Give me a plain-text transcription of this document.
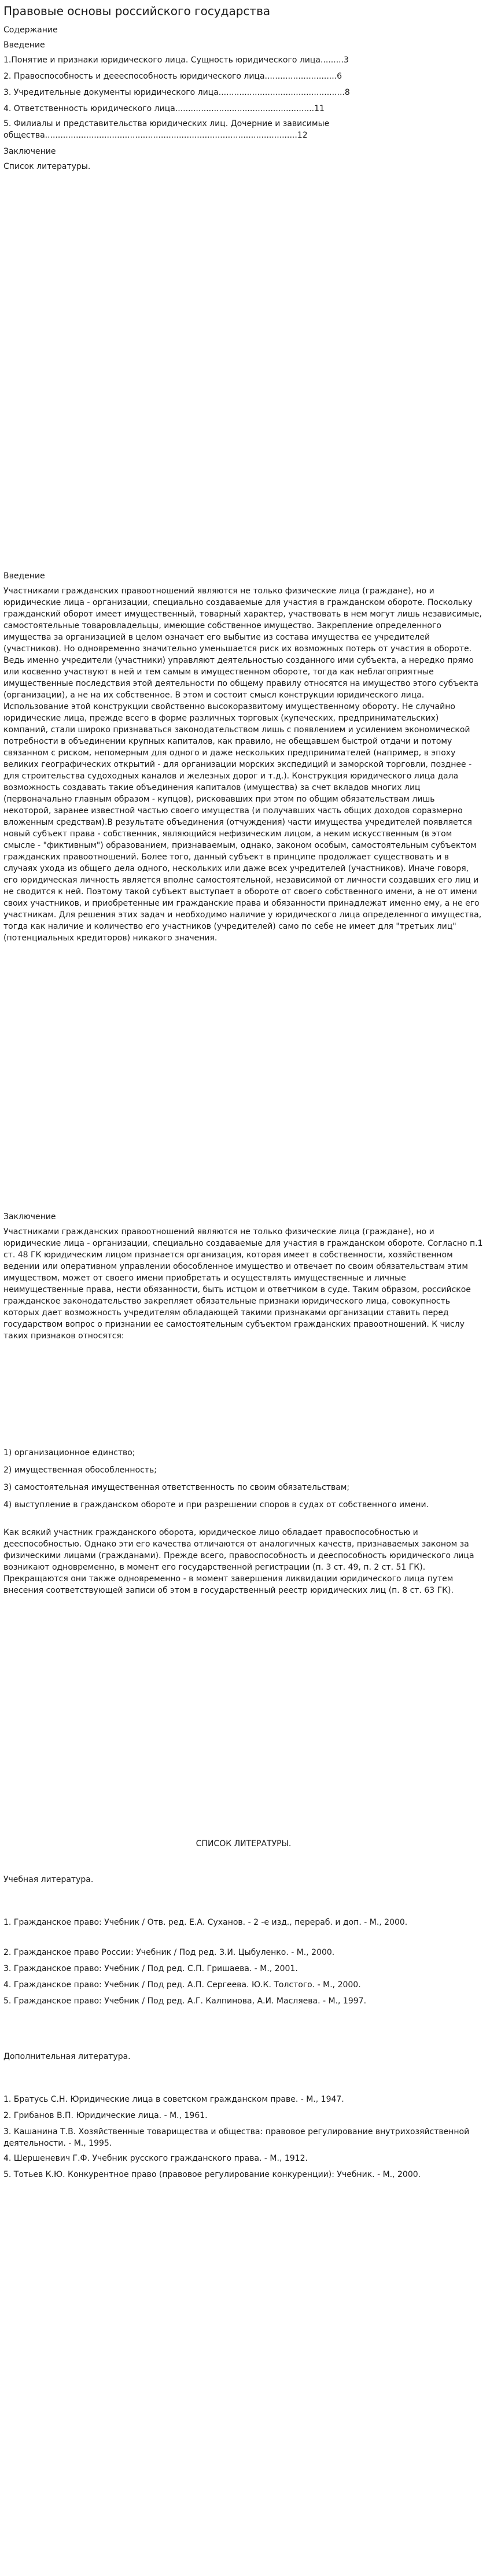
Правовые основы российского государства

Содержание

Введение

1.Понятие и признаки юридического лица. Сущность юридического лица.........3

2. Правоспособность и деееспособность юридического лица............................6

3. Учредительные документы юридического лица.................................................8

4. Ответственность юридического лица......................................................11

5. Филиалы и представительства юридических лиц. Дочерние и зависимые

общества..................................................................................................12

Заключение

Список литературы.

Введение

Участниками гражданских правоотношений являются не только физические лица (граждане), но и юридические лица - организации, специально создаваемые для участия в гражданском обороте. Поскольку гражданский оборот имеет имущественный, товарный характер, участвовать в нем могут лишь независимые, самостоятельные товаровладельцы, имеющие собственное имущество. Закрепление определенного имущества за организацией в целом означает его выбытие из состава имущества ее учредителей (участников). Но одновременно значительно уменьшается риск их возможных потерь от участия в обороте. Ведь именно учредители (участники) управляют деятельностью созданного ими субъекта, а нередко прямо или косвенно участвуют в ней и тем самым в имущественном обороте, тогда как неблагоприятные имущественные последствия этой деятельности по общему правилу относятся на имущество этого субъекта (организации), а не на их собственное. В этом и состоит смысл конструкции юридического лица. Использование этой конструкции свойственно высокоразвитому имущественному обороту. Не случайно юридические лица, прежде всего в форме различных торговых (купеческих, предпринимательских) компаний, стали широко признаваться законодательством лишь с появлением и усилением экономической потребности в объединении крупных капиталов, как правило, не обещавшем быстрой отдачи и потому связанном с риском, непомерным для одного и даже нескольких предпринимателей (например, в эпоху великих географических открытий - для организации морских экспедиций и заморской торговли, позднее - для строительства судоходных каналов и железных дорог и т.д.). Конструкция юридического лица дала возможность создавать такие объединения капиталов (имущества) за счет вкладов многих лиц (первоначально главным образом - купцов), рисковавших при этом по общим обязательствам лишь некоторой, заранее известной частью своего имущества (и получавших часть общих доходов соразмерно вложенным средствам).В результате объединения (отчуждения) части имущества учредителей появляется новый субъект права - собственник, являющийся нефизическим лицом, а неким искусственным (в этом смысле - "фиктивным") образованием, признаваемым, однако, законом особым, самостоятельным субъектом гражданских правоотношений. Более того, данный субъект в принципе продолжает существовать и в случаях ухода из общего дела одного, нескольких или даже всех учредителей (участников). Иначе говоря, его юридическая личность является вполне самостоятельной, независимой от личности создавших его лиц и не сводится к ней. Поэтому такой субъект выступает в обороте от своего собственного имени, а не от имени своих участников, и приобретенные им гражданские права и обязанности принадлежат именно ему, а не его участникам. Для решения этих задач и необходимо наличие у юридического лица определенного имущества, тогда как наличие и количество его участников (учредителей) само по себе не имеет для "третьих лиц" (потенциальных кредиторов) никакого значения.

Заключение

Участниками гражданских правоотношений являются не только физические лица (граждане), но и юридические лица - организации, специально создаваемые для участия в гражданском обороте. Согласно п.1 ст. 48 ГК юридическим лицом признается организация, которая имеет в собственности, хозяйственном ведении или оперативном управлении обособленное имущество и отвечает по своим обязательствам этим имуществом, может от своего имени приобретать и осуществлять имущественные и личные неимущественные права, нести обязанности, быть истцом и ответчиком в суде. Таким образом, российское гражданское законодательство закрепляет обязательные признаки юридического лица, совокупность которых дает возможность учредителям обладающей такими признаками организации ставить перед государством вопрос о признании ее самостоятельным субъектом гражданских правоотношений. К числу таких признаков относятся:

1) организационное единство;

2) имущественная обособленность;

3) самостоятельная имущественная ответственность по своим обязательствам;

4) выступление в гражданском обороте и при разрешении споров в судах от собственного имени.

Как всякий участник гражданского оборота, юридическое лицо обладает правоспособностью и дееспособностью. Однако эти его качества отличаются от аналогичных качеств, признаваемых законом за физическими лицами (гражданами). Прежде всего, правоспособность и дееспособность юридического лица возникают одновременно, в момент его государственной регистрации (п. 3 ст. 49, п. 2 ст. 51 ГК). Прекращаются они также одновременно - в момент завершения ликвидации юридического лица путем внесения соответствующей записи об этом в государственный реестр юридических лиц (п. 8 ст. 63 ГК).

СПИСОК ЛИТЕРАТУРЫ.

Учебная литература.

1. Гражданское право: Учебник / Отв. ред. Е.А. Суханов. - 2 -е изд., перераб. и доп. - М., 2000.

2. Гражданское право России: Учебник / Под ред. З.И. Цыбуленко. - М., 2000.

3. Гражданское право: Учебник / Под ред. С.П. Гришаева. - М., 2001.

4. Гражданское право: Учебник / Под ред. А.П. Сергеева. Ю.К. Толстого. - М., 2000.

5. Гражданское право: Учебник / Под ред. А.Г. Калпинова, А.И. Масляева. - М., 1997.

Дополнительная литература.

1. Братусь С.Н. Юридические лица в советском гражданском праве. - М., 1947.

2. Грибанов В.П. Юридические лица. - М., 1961.

3. Кашанина Т.В. Хозяйственные товарищества и общества: правовое регулирование внутрихозяйственной деятельности. - М., 1995.

4. Шершеневич Г.Ф. Учебник русского гражданского права. - М., 1912.

5. Тотьев К.Ю. Конкурентное право (правовое регулирование конкуренции): Учебник. - М., 2000.
